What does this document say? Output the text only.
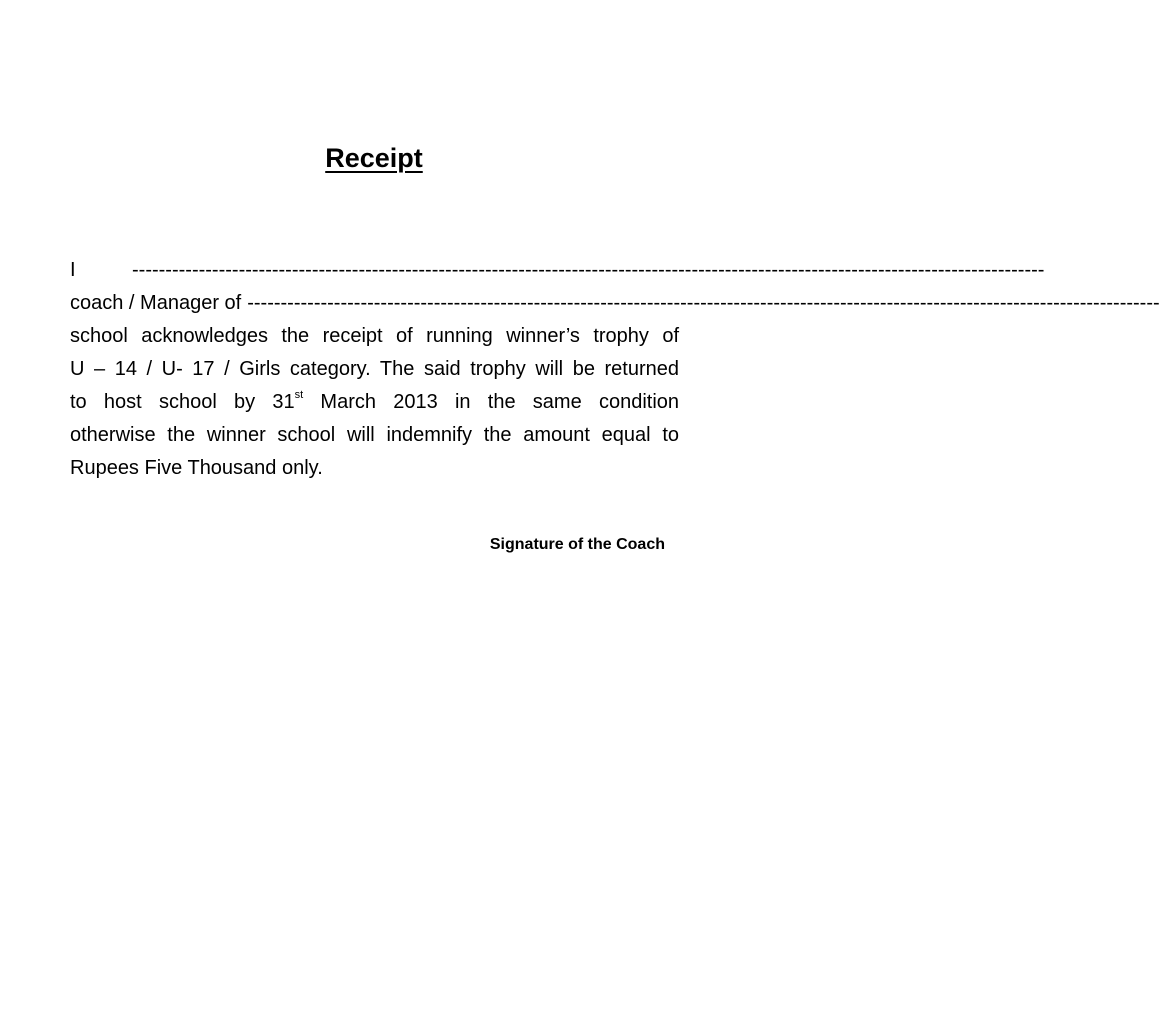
Receipt
I	-----------------------------------------------------------------------------------------------------------------------------------------
coach / Manager of -----------------------------------------------------------------------------------------------------------------------------------------
school acknowledges the receipt of running winner’s trophy of
U – 14 / U- 17 / Girls category. The said trophy will be returned
to host school by 31st March 2013 in the same condition
otherwise the winner school will indemnify the amount equal to
Rupees Five Thousand only.
Signature of the Coach
